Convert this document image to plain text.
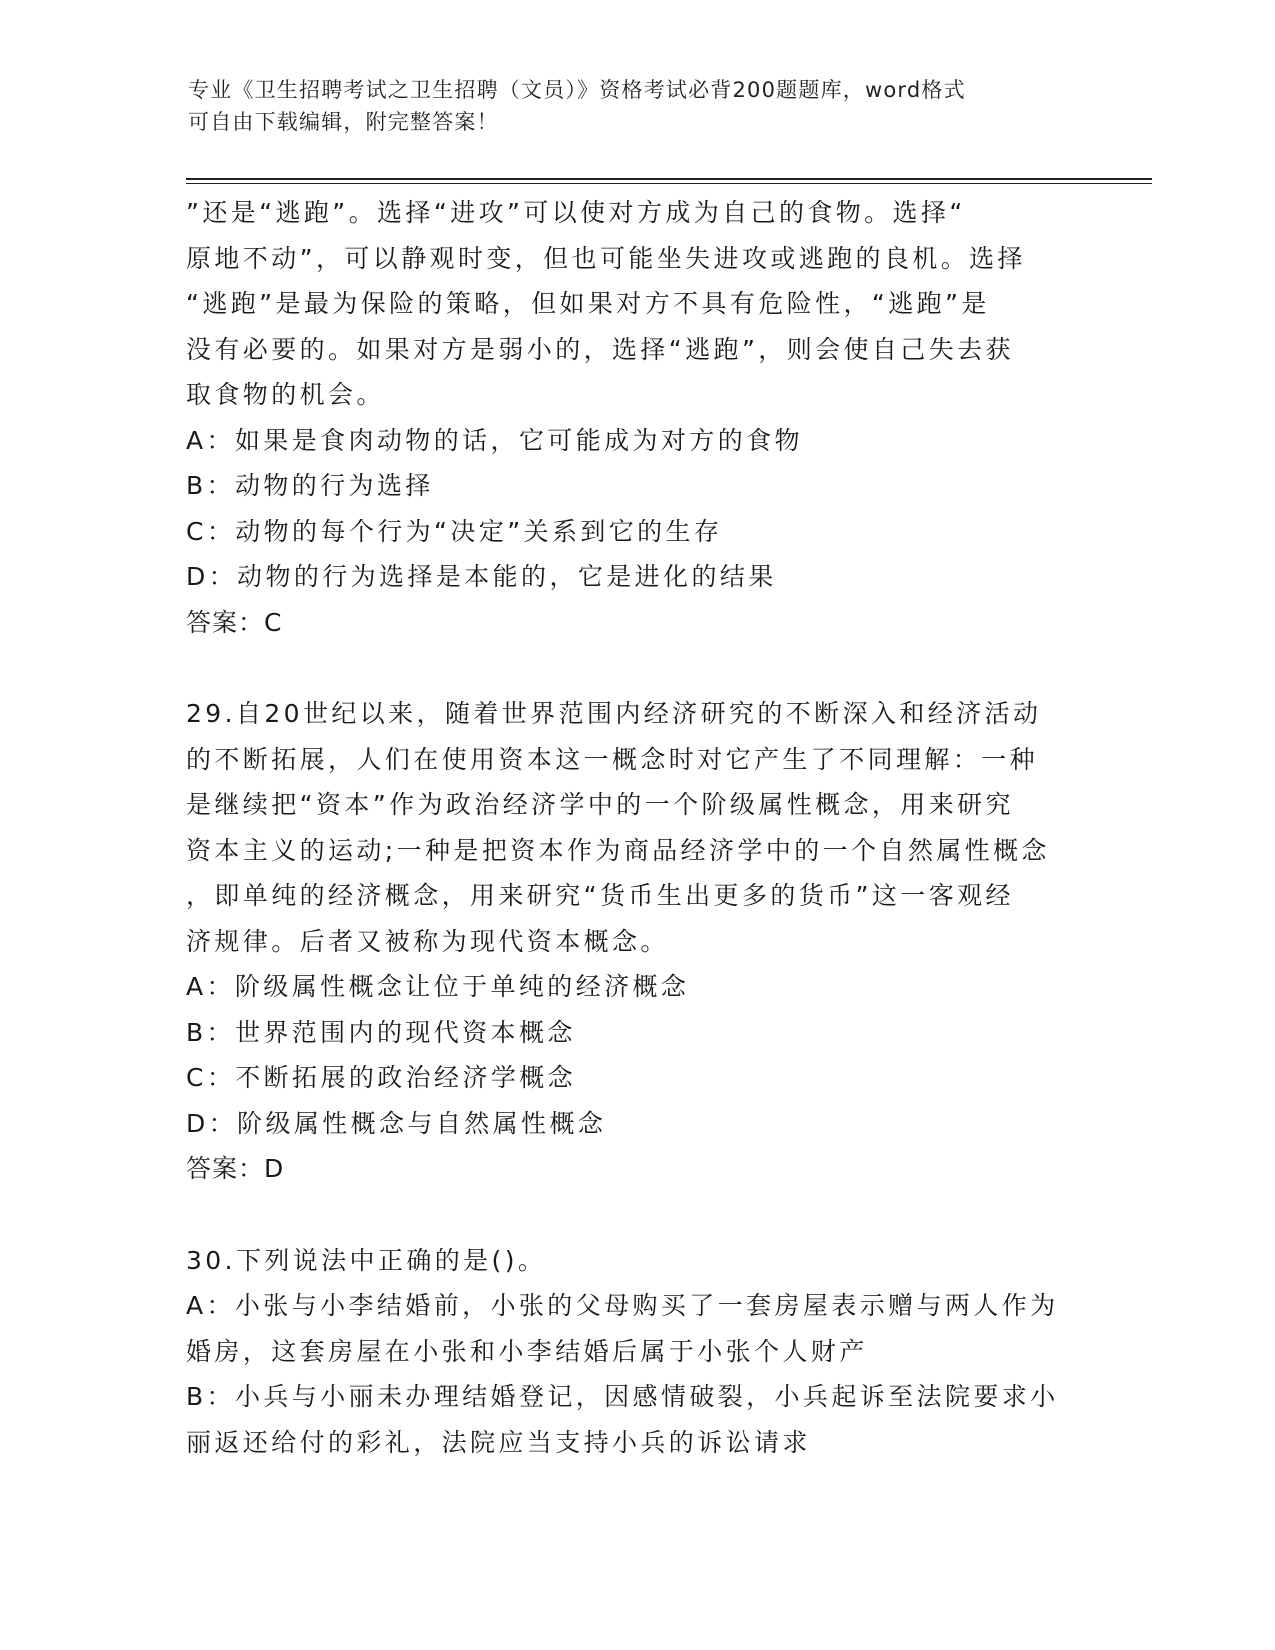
专业《卫生招聘考试之卫生招聘（文员）》资格考试必背200题题库，word格式
可自由下载编辑，附完整答案！
”还是“逃跑”。选择“进攻”可以使对方成为自己的食物。选择“
原地不动”，可以静观时变，但也可能坐失进攻或逃跑的良机。选择
“逃跑”是最为保险的策略，但如果对方不具有危险性，“逃跑”是
没有必要的。如果对方是弱小的，选择“逃跑”，则会使自己失去获
取食物的机会。
A：如果是食肉动物的话，它可能成为对方的食物
B：动物的行为选择
C：动物的每个行为“决定”关系到它的生存
D：动物的行为选择是本能的，它是进化的结果
答案：C
29.自20世纪以来，随着世界范围内经济研究的不断深入和经济活动
的不断拓展，人们在使用资本这一概念时对它产生了不同理解：一种
是继续把“资本”作为政治经济学中的一个阶级属性概念，用来研究
资本主义的运动;一种是把资本作为商品经济学中的一个自然属性概念
，即单纯的经济概念，用来研究“货币生出更多的货币”这一客观经
济规律。后者又被称为现代资本概念。
A：阶级属性概念让位于单纯的经济概念
B：世界范围内的现代资本概念
C：不断拓展的政治经济学概念
D：阶级属性概念与自然属性概念
答案：D
30.下列说法中正确的是()。
A：小张与小李结婚前，小张的父母购买了一套房屋表示赠与两人作为
婚房，这套房屋在小张和小李结婚后属于小张个人财产
B：小兵与小丽未办理结婚登记，因感情破裂，小兵起诉至法院要求小
丽返还给付的彩礼，法院应当支持小兵的诉讼请求
